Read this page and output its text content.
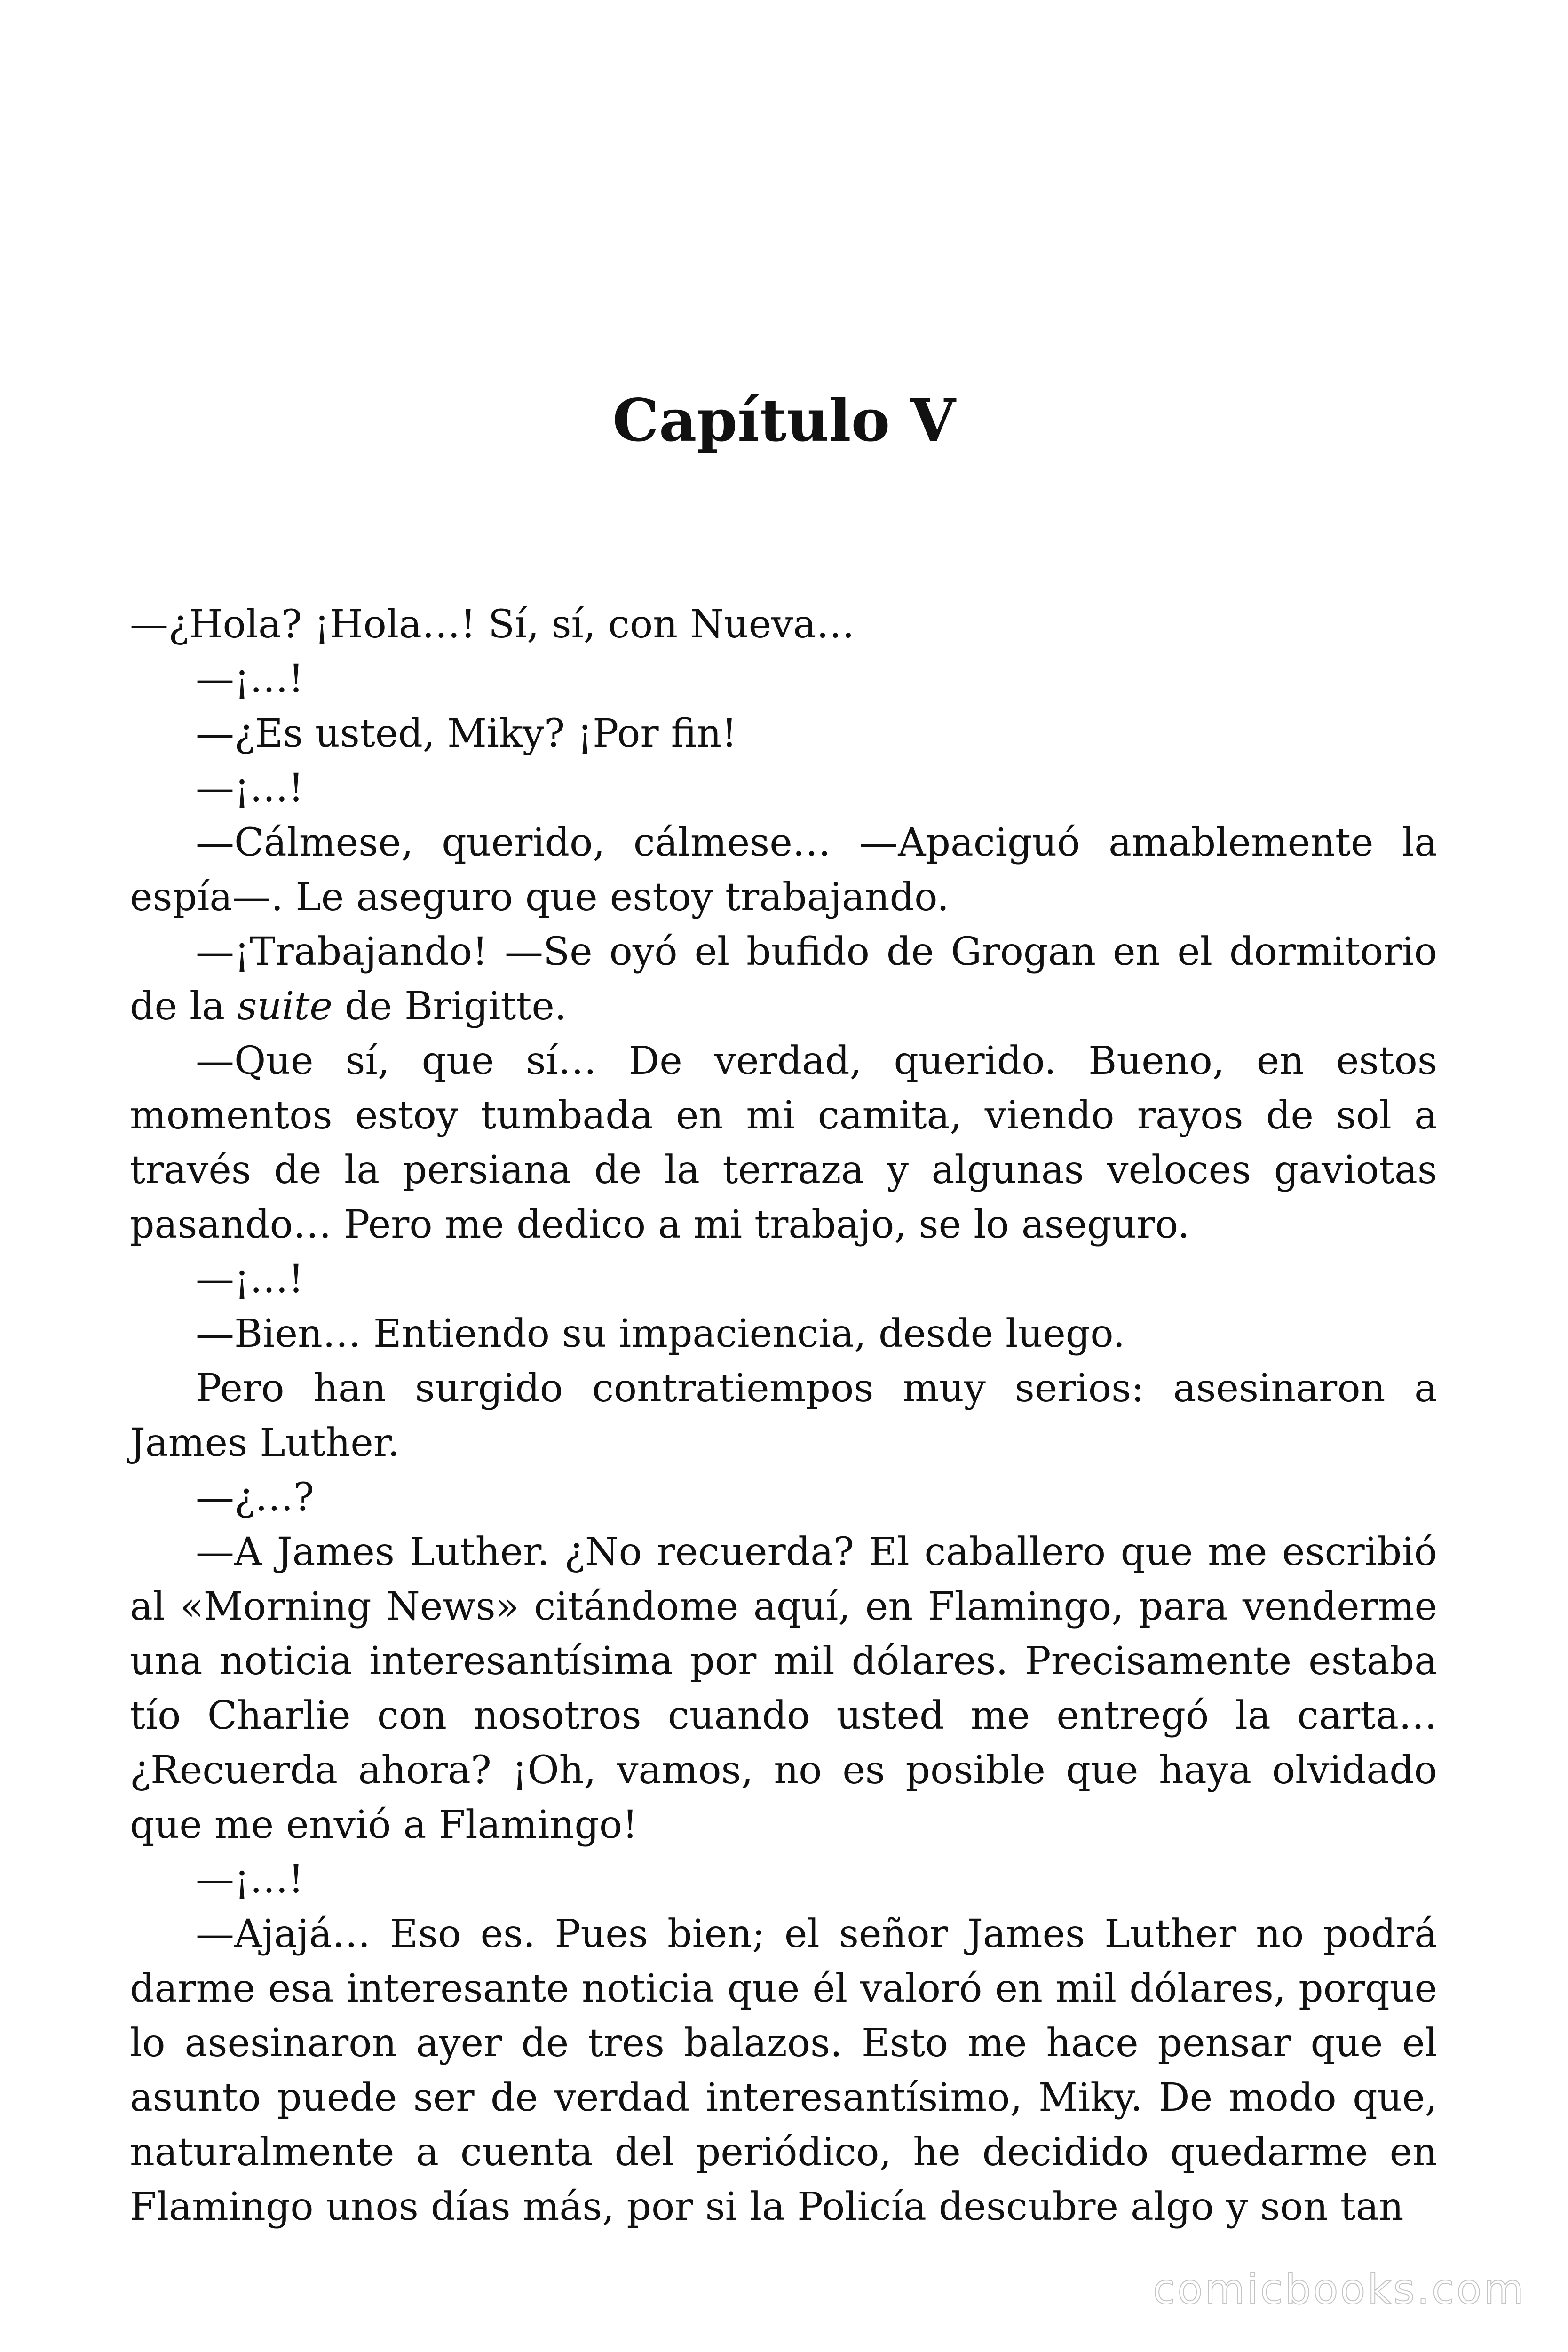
Capítulo V

—¿Hola? ¡Hola…! Sí, sí, con Nueva…

—¡…!

—¿Es usted, Miky? ¡Por fin!

—¡…!

—Cálmese, querido, cálmese… —Apaciguó amablemente la espía—. Le aseguro que estoy trabajando.

—¡Trabajando! —Se oyó el bufido de Grogan en el dormitorio de la suite de Brigitte.

—Que sí, que sí… De verdad, querido. Bueno, en estos momentos estoy tumbada en mi camita, viendo rayos de sol a través de la persiana de la terraza y algunas veloces gaviotas pasando… Pero me dedico a mi trabajo, se lo aseguro.

—¡…!

—Bien… Entiendo su impaciencia, desde luego.

Pero han surgido contratiempos muy serios: asesinaron a James Luther.

—¿…?

—A James Luther. ¿No recuerda? El caballero que me escribió al «Morning News» citándome aquí, en Flamingo, para venderme una noticia interesantísima por mil dólares. Precisamente estaba tío Charlie con nosotros cuando usted me entregó la carta… ¿Recuerda ahora? ¡Oh, vamos, no es posible que haya olvidado que me envió a Flamingo!

—¡…!

—Ajajá… Eso es. Pues bien; el señor James Luther no podrá darme esa interesante noticia que él valoró en mil dólares, porque lo asesinaron ayer de tres balazos. Esto me hace pensar que el asunto puede ser de verdad interesantísimo, Miky. De modo que, naturalmente a cuenta del periódico, he decidido quedarme en Flamingo unos días más, por si la Policía descubre algo y son tan

comicbooks.com
